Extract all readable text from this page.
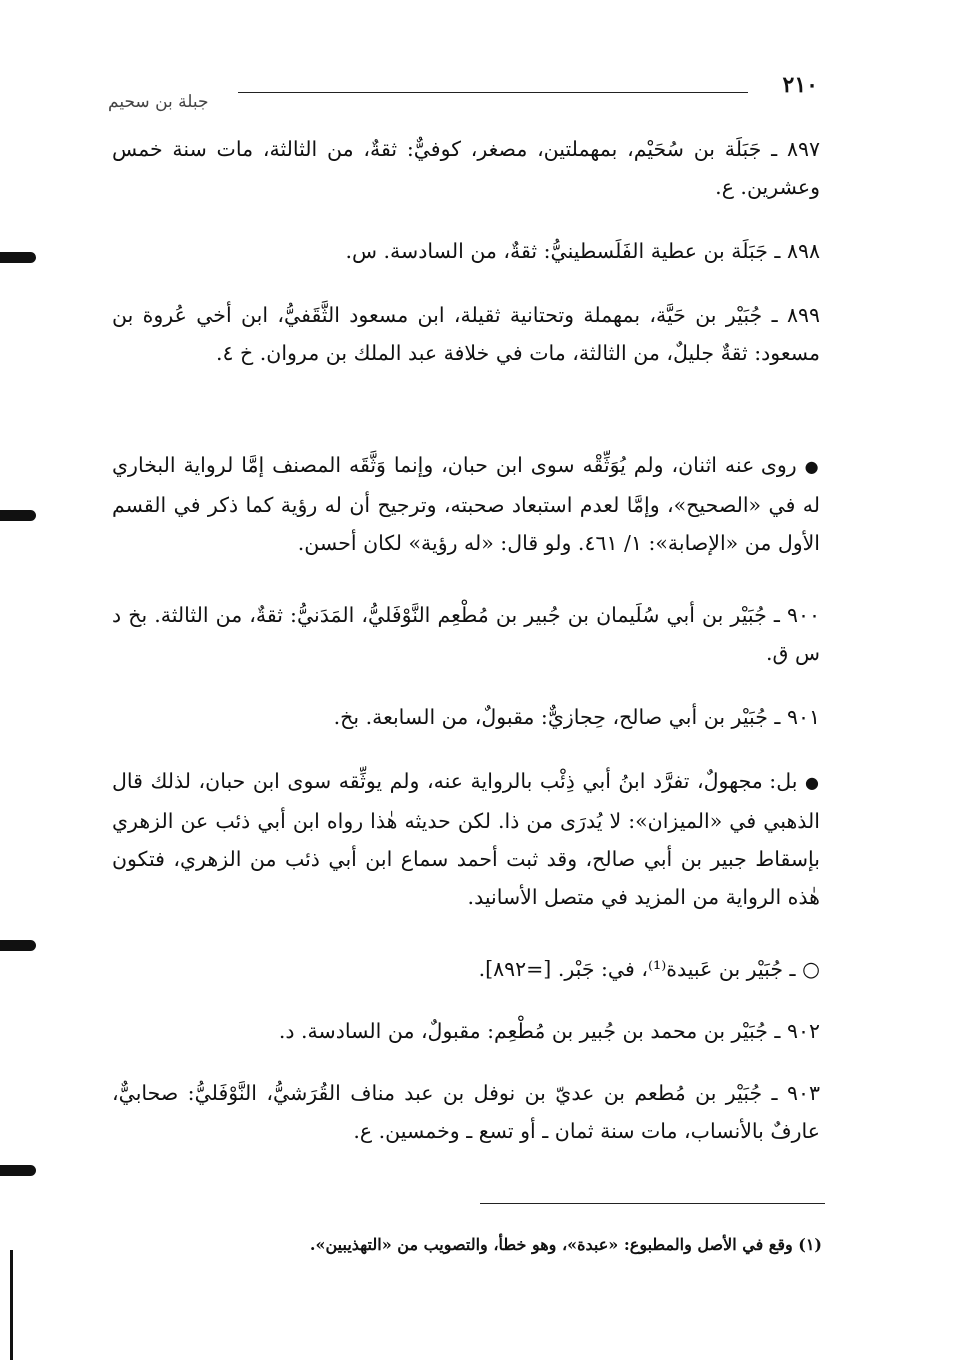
٢١٠
جبلة بن سحيم

٨٩٧ ـ جَبَلَة بن سُحَيْم، بمهملتين، مصغر، كوفيٌّ: ثقةٌ، من الثالثة، مات سنة خمس وعشرين. ع.

٨٩٨ ـ جَبَلَة بن عطية الفَلَسطينيُّ: ثقةٌ، من السادسة. س.

٨٩٩ ـ جُبَيْر بن حَيَّة، بمهملة وتحتانية ثقيلة، ابن مسعود الثَّقَفيُّ، ابن أخي عُروة بن مسعود: ثقةٌ جليلٌ، من الثالثة، مات في خلافة عبد الملك بن مروان. خ ٤.

● روى عنه اثنان، ولم يُوَثِّقْه سوى ابن حبان، وإنما وَثَّقَه المصنف إمَّا لرواية البخاري له في «الصحيح»، وإمَّا لعدم استبعاد صحبته، وترجيح أن له رؤية كما ذكر في القسم الأول من «الإصابة»: ١/ ٤٦١. ولو قال: «له رؤية» لكان أحسن.

٩٠٠ ـ جُبَيْر بن أبي سُلَيمان بن جُبير بن مُطْعِم النَّوْفَليُّ، المَدَنيُّ: ثقةٌ، من الثالثة. بخ د س ق.

٩٠١ ـ جُبَيْر بن أبي صالح، حِجازيٌّ: مقبولٌ، من السابعة. بخ.

● بل: مجهولٌ، تفرَّد ابنُ أبي ذِئْب بالرواية عنه، ولم يوثِّقه سوى ابن حبان، لذلك قال الذهبي في «الميزان»: لا يُدرَى من ذا. لكن حديثه هٰذا رواه ابن أبي ذئب عن الزهري بإسقاط جبير بن أبي صالح، وقد ثبت أحمد سماع ابن أبي ذئب من الزهري، فتكون هٰذه الرواية من المزيد في متصل الأسانيد.

○ ـ جُبَيْر بن عَبيدة⁽¹⁾، في: جَبْر. [=٨٩٢].

٩٠٢ ـ جُبَيْر بن محمد بن جُبير بن مُطْعِم: مقبولٌ، من السادسة. د.

٩٠٣ ـ جُبَيْر بن مُطعم بن عديّ بن نوفل بن عبد مناف القُرَشيُّ، النَّوْفَليُّ: صحابيٌّ، عارفٌ بالأنساب، مات سنة ثمان ـ أو تسع ـ وخمسين. ع.

(١) وقع في الأصل والمطبوع: «عبدة»، وهو خطأ، والتصويب من «التهذيبين».
